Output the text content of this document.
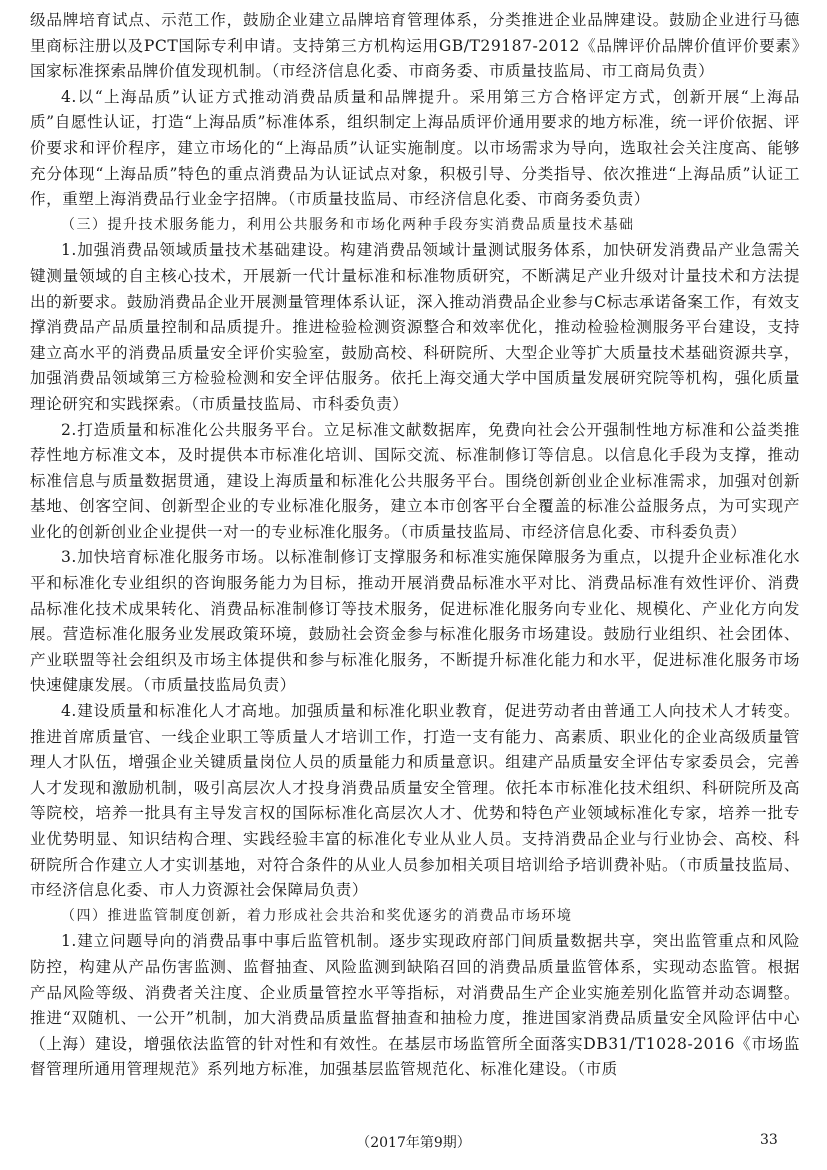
级品牌培育试点、示范工作，鼓励企业建立品牌培育管理体系，分类推进企业品牌建设。鼓励企业进行马德里商标注册以及PCT国际专利申请。支持第三方机构运用GB/T29187-2012《品牌评价品牌价值评价要素》国家标准探索品牌价值发现机制。（市经济信息化委、市商务委、市质量技监局、市工商局负责）

4.以“上海品质”认证方式推动消费品质量和品牌提升。采用第三方合格评定方式，创新开展“上海品质”自愿性认证，打造“上海品质”标准体系，组织制定上海品质评价通用要求的地方标准，统一评价依据、评价要求和评价程序，建立市场化的“上海品质”认证实施制度。以市场需求为导向，选取社会关注度高、能够充分体现“上海品质”特色的重点消费品为认证试点对象，积极引导、分类指导、依次推进“上海品质”认证工作，重塑上海消费品行业金字招牌。（市质量技监局、市经济信息化委、市商务委负责）

（三）提升技术服务能力，利用公共服务和市场化两种手段夯实消费品质量技术基础

1.加强消费品领域质量技术基础建设。构建消费品领域计量测试服务体系，加快研发消费品产业急需关键测量领域的自主核心技术，开展新一代计量标准和标准物质研究，不断满足产业升级对计量技术和方法提出的新要求。鼓励消费品企业开展测量管理体系认证，深入推动消费品企业参与C标志承诺备案工作，有效支撑消费品产品质量控制和品质提升。推进检验检测资源整合和效率优化，推动检验检测服务平台建设，支持建立高水平的消费品质量安全评价实验室，鼓励高校、科研院所、大型企业等扩大质量技术基础资源共享，加强消费品领域第三方检验检测和安全评估服务。依托上海交通大学中国质量发展研究院等机构，强化质量理论研究和实践探索。（市质量技监局、市科委负责）

2.打造质量和标准化公共服务平台。立足标准文献数据库，免费向社会公开强制性地方标准和公益类推荐性地方标准文本，及时提供本市标准化培训、国际交流、标准制修订等信息。以信息化手段为支撑，推动标准信息与质量数据贯通，建设上海质量和标准化公共服务平台。围绕创新创业企业标准需求，加强对创新基地、创客空间、创新型企业的专业标准化服务，建立本市创客平台全覆盖的标准公益服务点，为可实现产业化的创新创业企业提供一对一的专业标准化服务。（市质量技监局、市经济信息化委、市科委负责）

3.加快培育标准化服务市场。以标准制修订支撑服务和标准实施保障服务为重点，以提升企业标准化水平和标准化专业组织的咨询服务能力为目标，推动开展消费品标准水平对比、消费品标准有效性评价、消费品标准化技术成果转化、消费品标准制修订等技术服务，促进标准化服务向专业化、规模化、产业化方向发展。营造标准化服务业发展政策环境，鼓励社会资金参与标准化服务市场建设。鼓励行业组织、社会团体、产业联盟等社会组织及市场主体提供和参与标准化服务，不断提升标准化能力和水平，促进标准化服务市场快速健康发展。（市质量技监局负责）

4.建设质量和标准化人才高地。加强质量和标准化职业教育，促进劳动者由普通工人向技术人才转变。推进首席质量官、一线企业职工等质量人才培训工作，打造一支有能力、高素质、职业化的企业高级质量管理人才队伍，增强企业关键质量岗位人员的质量能力和质量意识。组建产品质量安全评估专家委员会，完善人才发现和激励机制，吸引高层次人才投身消费品质量安全管理。依托本市标准化技术组织、科研院所及高等院校，培养一批具有主导发言权的国际标准化高层次人才、优势和特色产业领域标准化专家，培养一批专业优势明显、知识结构合理、实践经验丰富的标准化专业从业人员。支持消费品企业与行业协会、高校、科研院所合作建立人才实训基地，对符合条件的从业人员参加相关项目培训给予培训费补贴。（市质量技监局、市经济信息化委、市人力资源社会保障局负责）

（四）推进监管制度创新，着力形成社会共治和奖优逐劣的消费品市场环境

1.建立问题导向的消费品事中事后监管机制。逐步实现政府部门间质量数据共享，突出监管重点和风险防控，构建从产品伤害监测、监督抽查、风险监测到缺陷召回的消费品质量监管体系，实现动态监管。根据产品风险等级、消费者关注度、企业质量管控水平等指标，对消费品生产企业实施差别化监管并动态调整。推进“双随机、一公开”机制，加大消费品质量监督抽查和抽检力度，推进国家消费品质量安全风险评估中心（上海）建设，增强依法监管的针对性和有效性。在基层市场监管所全面落实DB31/T1028-2016《市场监督管理所通用管理规范》系列地方标准，加强基层监管规范化、标准化建设。（市质

（2017年第9期）	33
